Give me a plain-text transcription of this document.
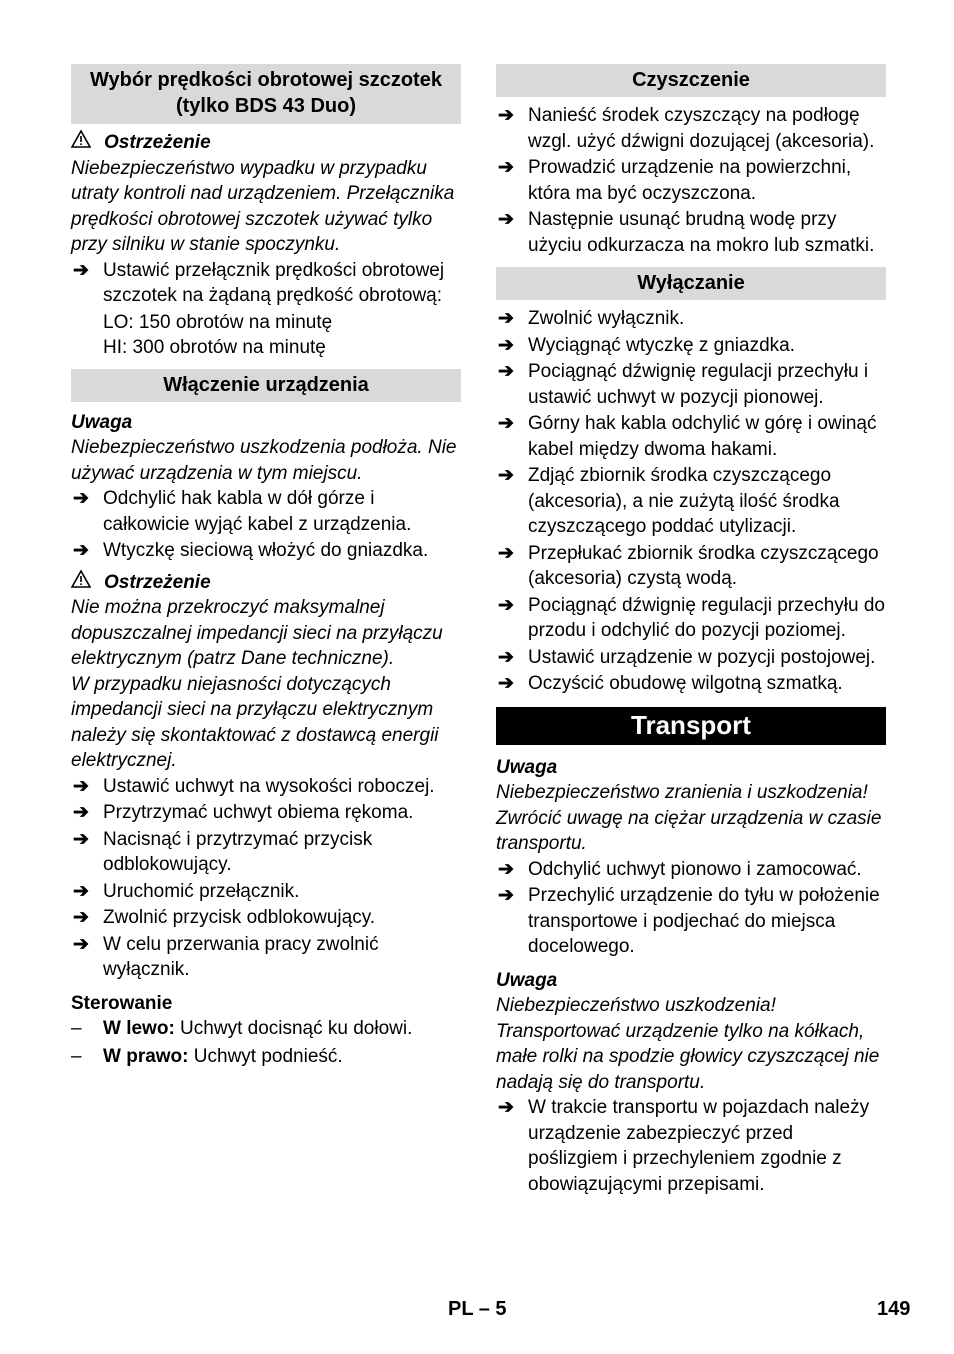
Wybór prędkości obrotowej szczotek (tylko BDS 43 Duo)
Ostrzeżenie
Niebezpieczeństwo wypadku w przypadku utraty kontroli nad urządzeniem. Przełącznika prędkości obrotowej szczotek używać tylko przy silniku w stanie spoczynku.
➔ Ustawić przełącznik prędkości obrotowej szczotek na żądaną prędkość obrotową:
LO: 150 obrotów na minutę
HI: 300 obrotów na minutę
Włączenie urządzenia
Uwaga
Niebezpieczeństwo uszkodzenia podłoża. Nie używać urządzenia w tym miejscu.
➔ Odchylić hak kabla w dół górze i całkowicie wyjąć kabel z urządzenia.
➔ Wtyczkę sieciową włożyć do gniazdka.
Ostrzeżenie
Nie można przekroczyć maksymalnej dopuszczalnej impedancji sieci na przyłączu elektrycznym (patrz Dane techniczne).
W przypadku niejasności dotyczących impedancji sieci na przyłączu elektrycznym należy się skontaktować z dostawcą energii elektrycznej.
➔ Ustawić uchwyt na wysokości roboczej.
➔ Przytrzymać uchwyt obiema rękoma.
➔ Nacisnąć i przytrzymać przycisk odblokowujący.
➔ Uruchomić przełącznik.
➔ Zwolnić przycisk odblokowujący.
➔ W celu przerwania pracy zwolnić wyłącznik.
Sterowanie
– W lewo: Uchwyt docisnąć ku dołowi.
– W prawo: Uchwyt podnieść.
Czyszczenie
➔ Nanieść środek czyszczący na podłogę wzgl. użyć dźwigni dozującej (akcesoria).
➔ Prowadzić urządzenie na powierzchni, która ma być oczyszczona.
➔ Następnie usunąć brudną wodę przy użyciu odkurzacza na mokro lub szmatki.
Wyłączanie
➔ Zwolnić wyłącznik.
➔ Wyciągnąć wtyczkę z gniazdka.
➔ Pociągnąć dźwignię regulacji przechyłu i ustawić uchwyt w pozycji pionowej.
➔ Górny hak kabla odchylić w górę i owinąć kabel między dwoma hakami.
➔ Zdjąć zbiornik środka czyszczącego (akcesoria), a nie zużytą ilość środka czyszczącego poddać utylizacji.
➔ Przepłukać zbiornik środka czyszczącego (akcesoria) czystą wodą.
➔ Pociągnąć dźwignię regulacji przechyłu do przodu i odchylić do pozycji poziomej.
➔ Ustawić urządzenie w pozycji postojowej.
➔ Oczyścić obudowę wilgotną szmatką.
Transport
Uwaga
Niebezpieczeństwo zranienia i uszkodzenia! Zwrócić uwagę na ciężar urządzenia w czasie transportu.
➔ Odchylić uchwyt pionowo i zamocować.
➔ Przechylić urządzenie do tyłu w położenie transportowe i podjechać do miejsca docelowego.
Uwaga
Niebezpieczeństwo uszkodzenia! Transportować urządzenie tylko na kółkach, małe rolki na spodzie głowicy czyszczącej nie nadają się do transportu.
➔ W trakcie transportu w pojazdach należy urządzenie zabezpieczyć przed poślizgiem i przechyleniem zgodnie z obowiązującymi przepisami.
PL – 5	149
